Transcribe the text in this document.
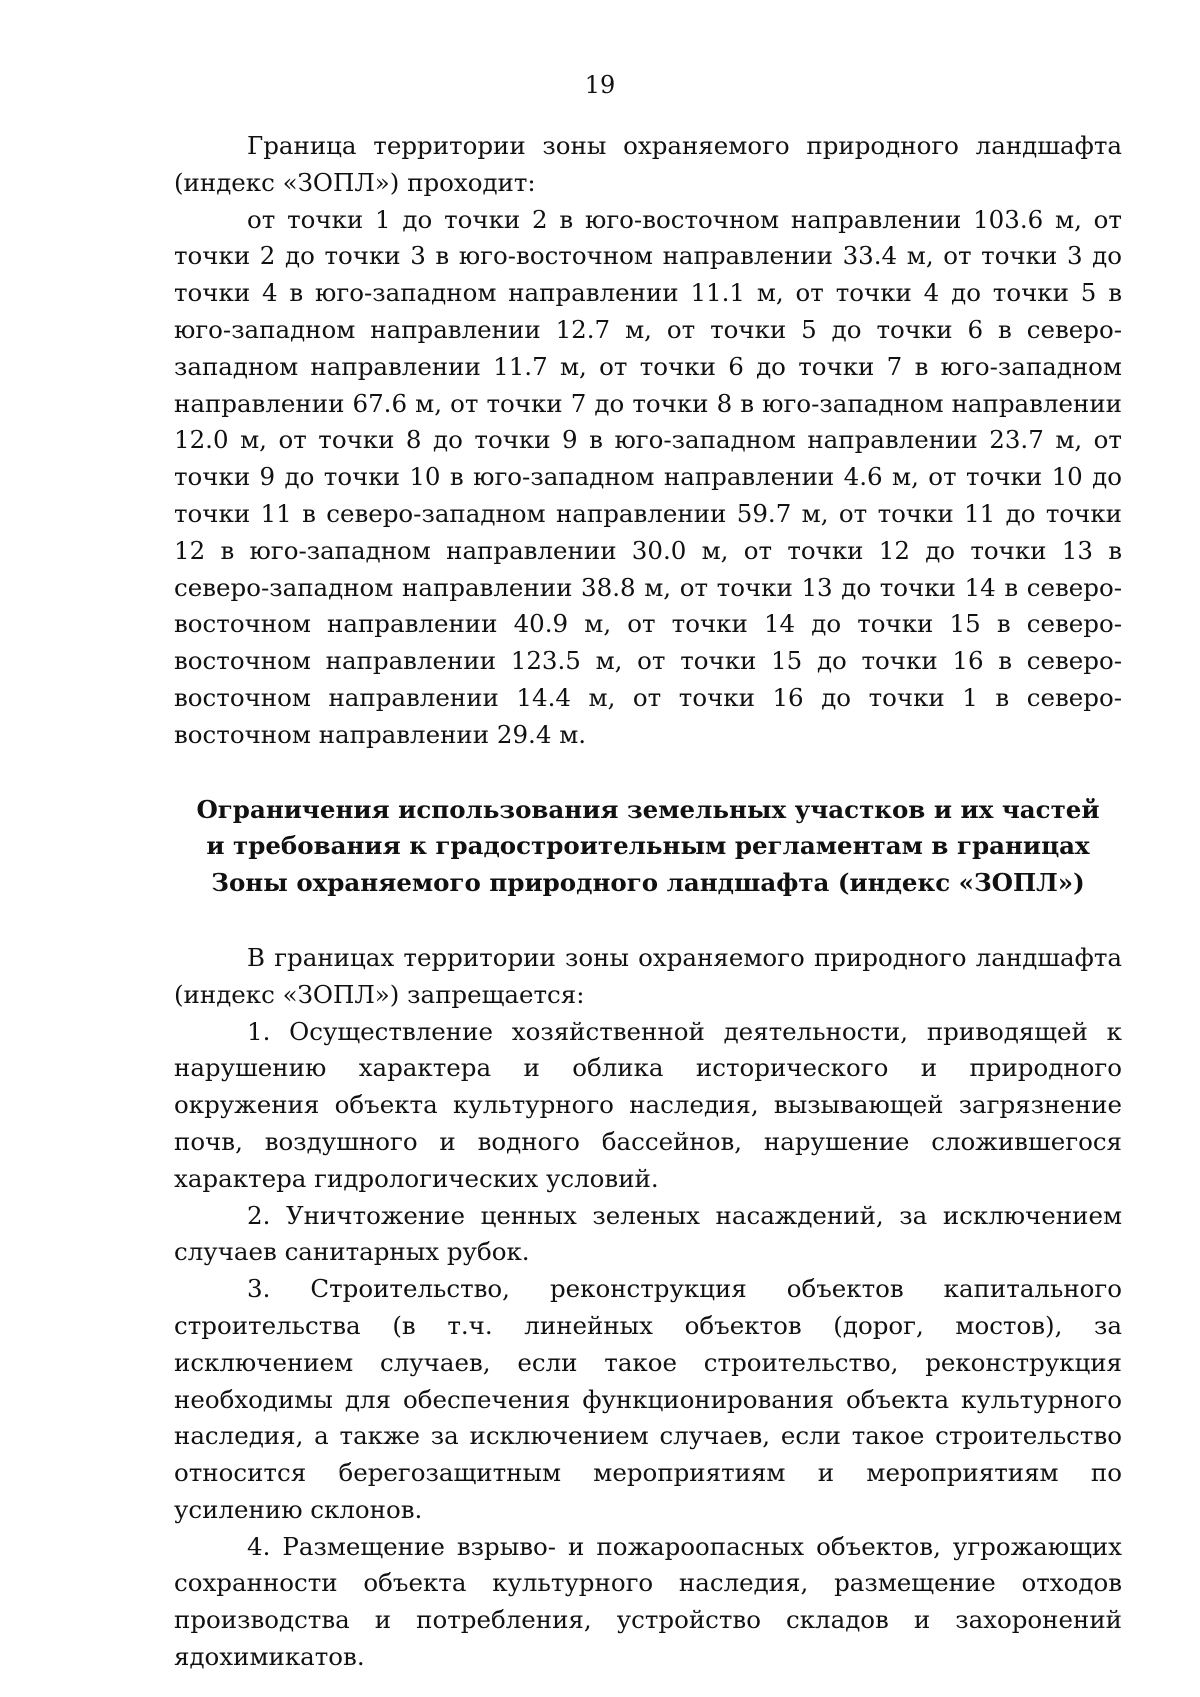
19

Граница территории зоны охраняемого природного ландшафта (индекс «ЗОПЛ») проходит:

от точки 1 до точки 2 в юго-восточном направлении 103.6 м, от точки 2 до точки 3 в юго-восточном направлении 33.4 м, от точки 3 до точки 4 в юго-западном направлении 11.1 м, от точки 4 до точки 5 в юго-западном направлении 12.7 м, от точки 5 до точки 6 в северо-западном направлении 11.7 м, от точки 6 до точки 7 в юго-западном направлении 67.6 м, от точки 7 до точки 8 в юго-западном направлении 12.0 м, от точки 8 до точки 9 в юго-западном направлении 23.7 м, от точки 9 до точки 10 в юго-западном направлении 4.6 м, от точки 10 до точки 11 в северо-западном направлении 59.7 м, от точки 11 до точки 12 в юго-западном направлении 30.0 м, от точки 12 до точки 13 в северо-западном направлении 38.8 м, от точки 13 до точки 14 в северо-восточном направлении 40.9 м, от точки 14 до точки 15 в северо-восточном направлении 123.5 м, от точки 15 до точки 16 в северо-восточном направлении 14.4 м, от точки 16 до точки 1 в северо-восточном направлении 29.4 м.

Ограничения использования земельных участков и их частей
и требования к градостроительным регламентам в границах
Зоны охраняемого природного ландшафта (индекс «ЗОПЛ»)

В границах территории зоны охраняемого природного ландшафта (индекс «ЗОПЛ») запрещается:

1. Осуществление хозяйственной деятельности, приводящей к нарушению характера и облика исторического и природного окружения объекта культурного наследия, вызывающей загрязнение почв, воздушного и водного бассейнов, нарушение сложившегося характера гидрологических условий.

2. Уничтожение ценных зеленых насаждений, за исключением случаев санитарных рубок.

3. Строительство, реконструкция объектов капитального строительства (в т.ч. линейных объектов (дорог, мостов), за исключением случаев, если такое строительство, реконструкция необходимы для обеспечения функционирования объекта культурного наследия, а также за исключением случаев, если такое строительство относится берегозащитным мероприятиям и мероприятиям по усилению склонов.

4. Размещение взрыво- и пожароопасных объектов, угрожающих сохранности объекта культурного наследия, размещение отходов производства и потребления, устройство складов и захоронений ядохимикатов.
